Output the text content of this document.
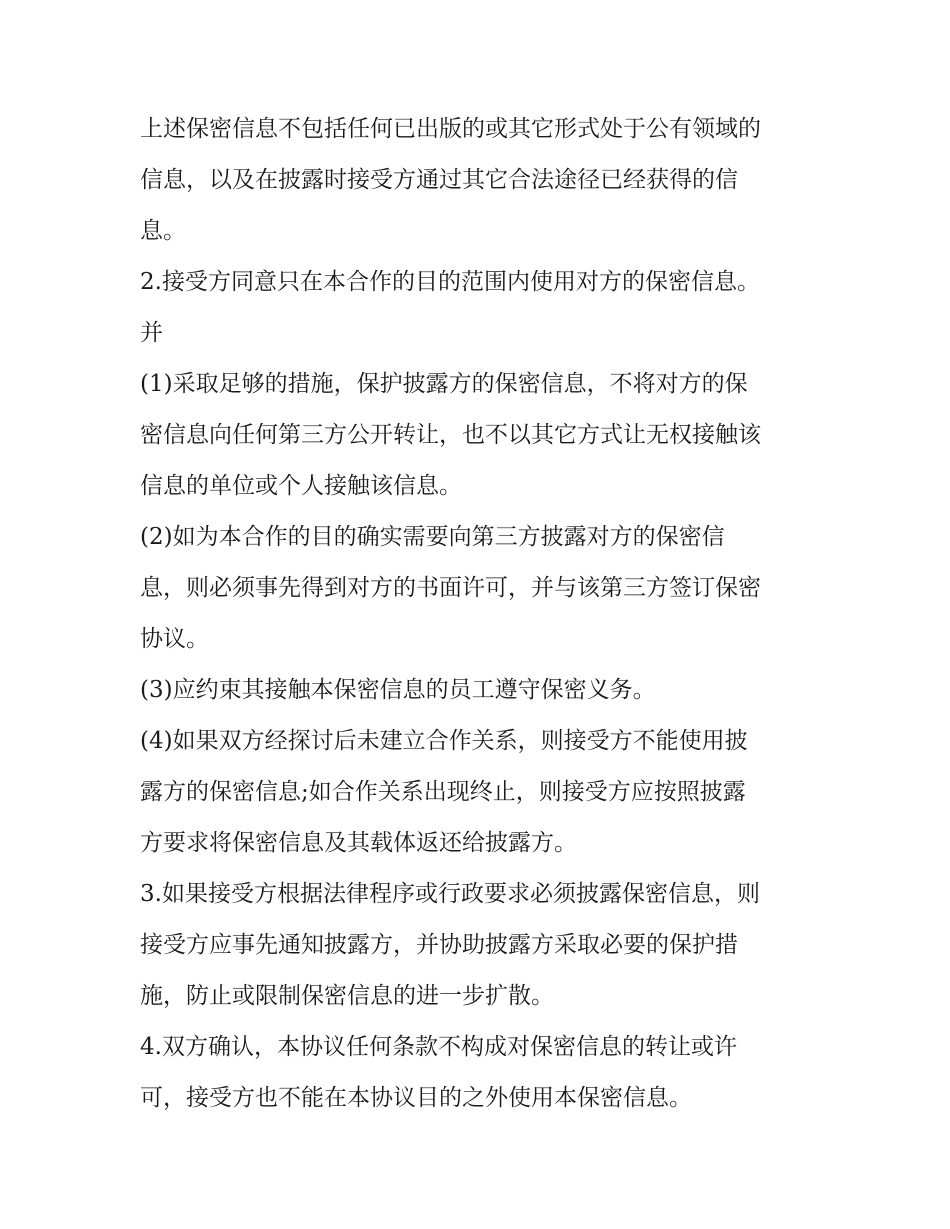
上述保密信息不包括任何已出版的或其它形式处于公有领域的
信息，以及在披露时接受方通过其它合法途径已经获得的信
息。
2.接受方同意只在本合作的目的范围内使用对方的保密信息。
并
(1)采取足够的措施，保护披露方的保密信息，不将对方的保
密信息向任何第三方公开转让，也不以其它方式让无权接触该
信息的单位或个人接触该信息。
(2)如为本合作的目的确实需要向第三方披露对方的保密信
息，则必须事先得到对方的书面许可，并与该第三方签订保密
协议。
(3)应约束其接触本保密信息的员工遵守保密义务。
(4)如果双方经探讨后未建立合作关系，则接受方不能使用披
露方的保密信息;如合作关系出现终止，则接受方应按照披露
方要求将保密信息及其载体返还给披露方。
3.如果接受方根据法律程序或行政要求必须披露保密信息，则
接受方应事先通知披露方，并协助披露方采取必要的保护措
施，防止或限制保密信息的进一步扩散。
4.双方确认，本协议任何条款不构成对保密信息的转让或许
可，接受方也不能在本协议目的之外使用本保密信息。
